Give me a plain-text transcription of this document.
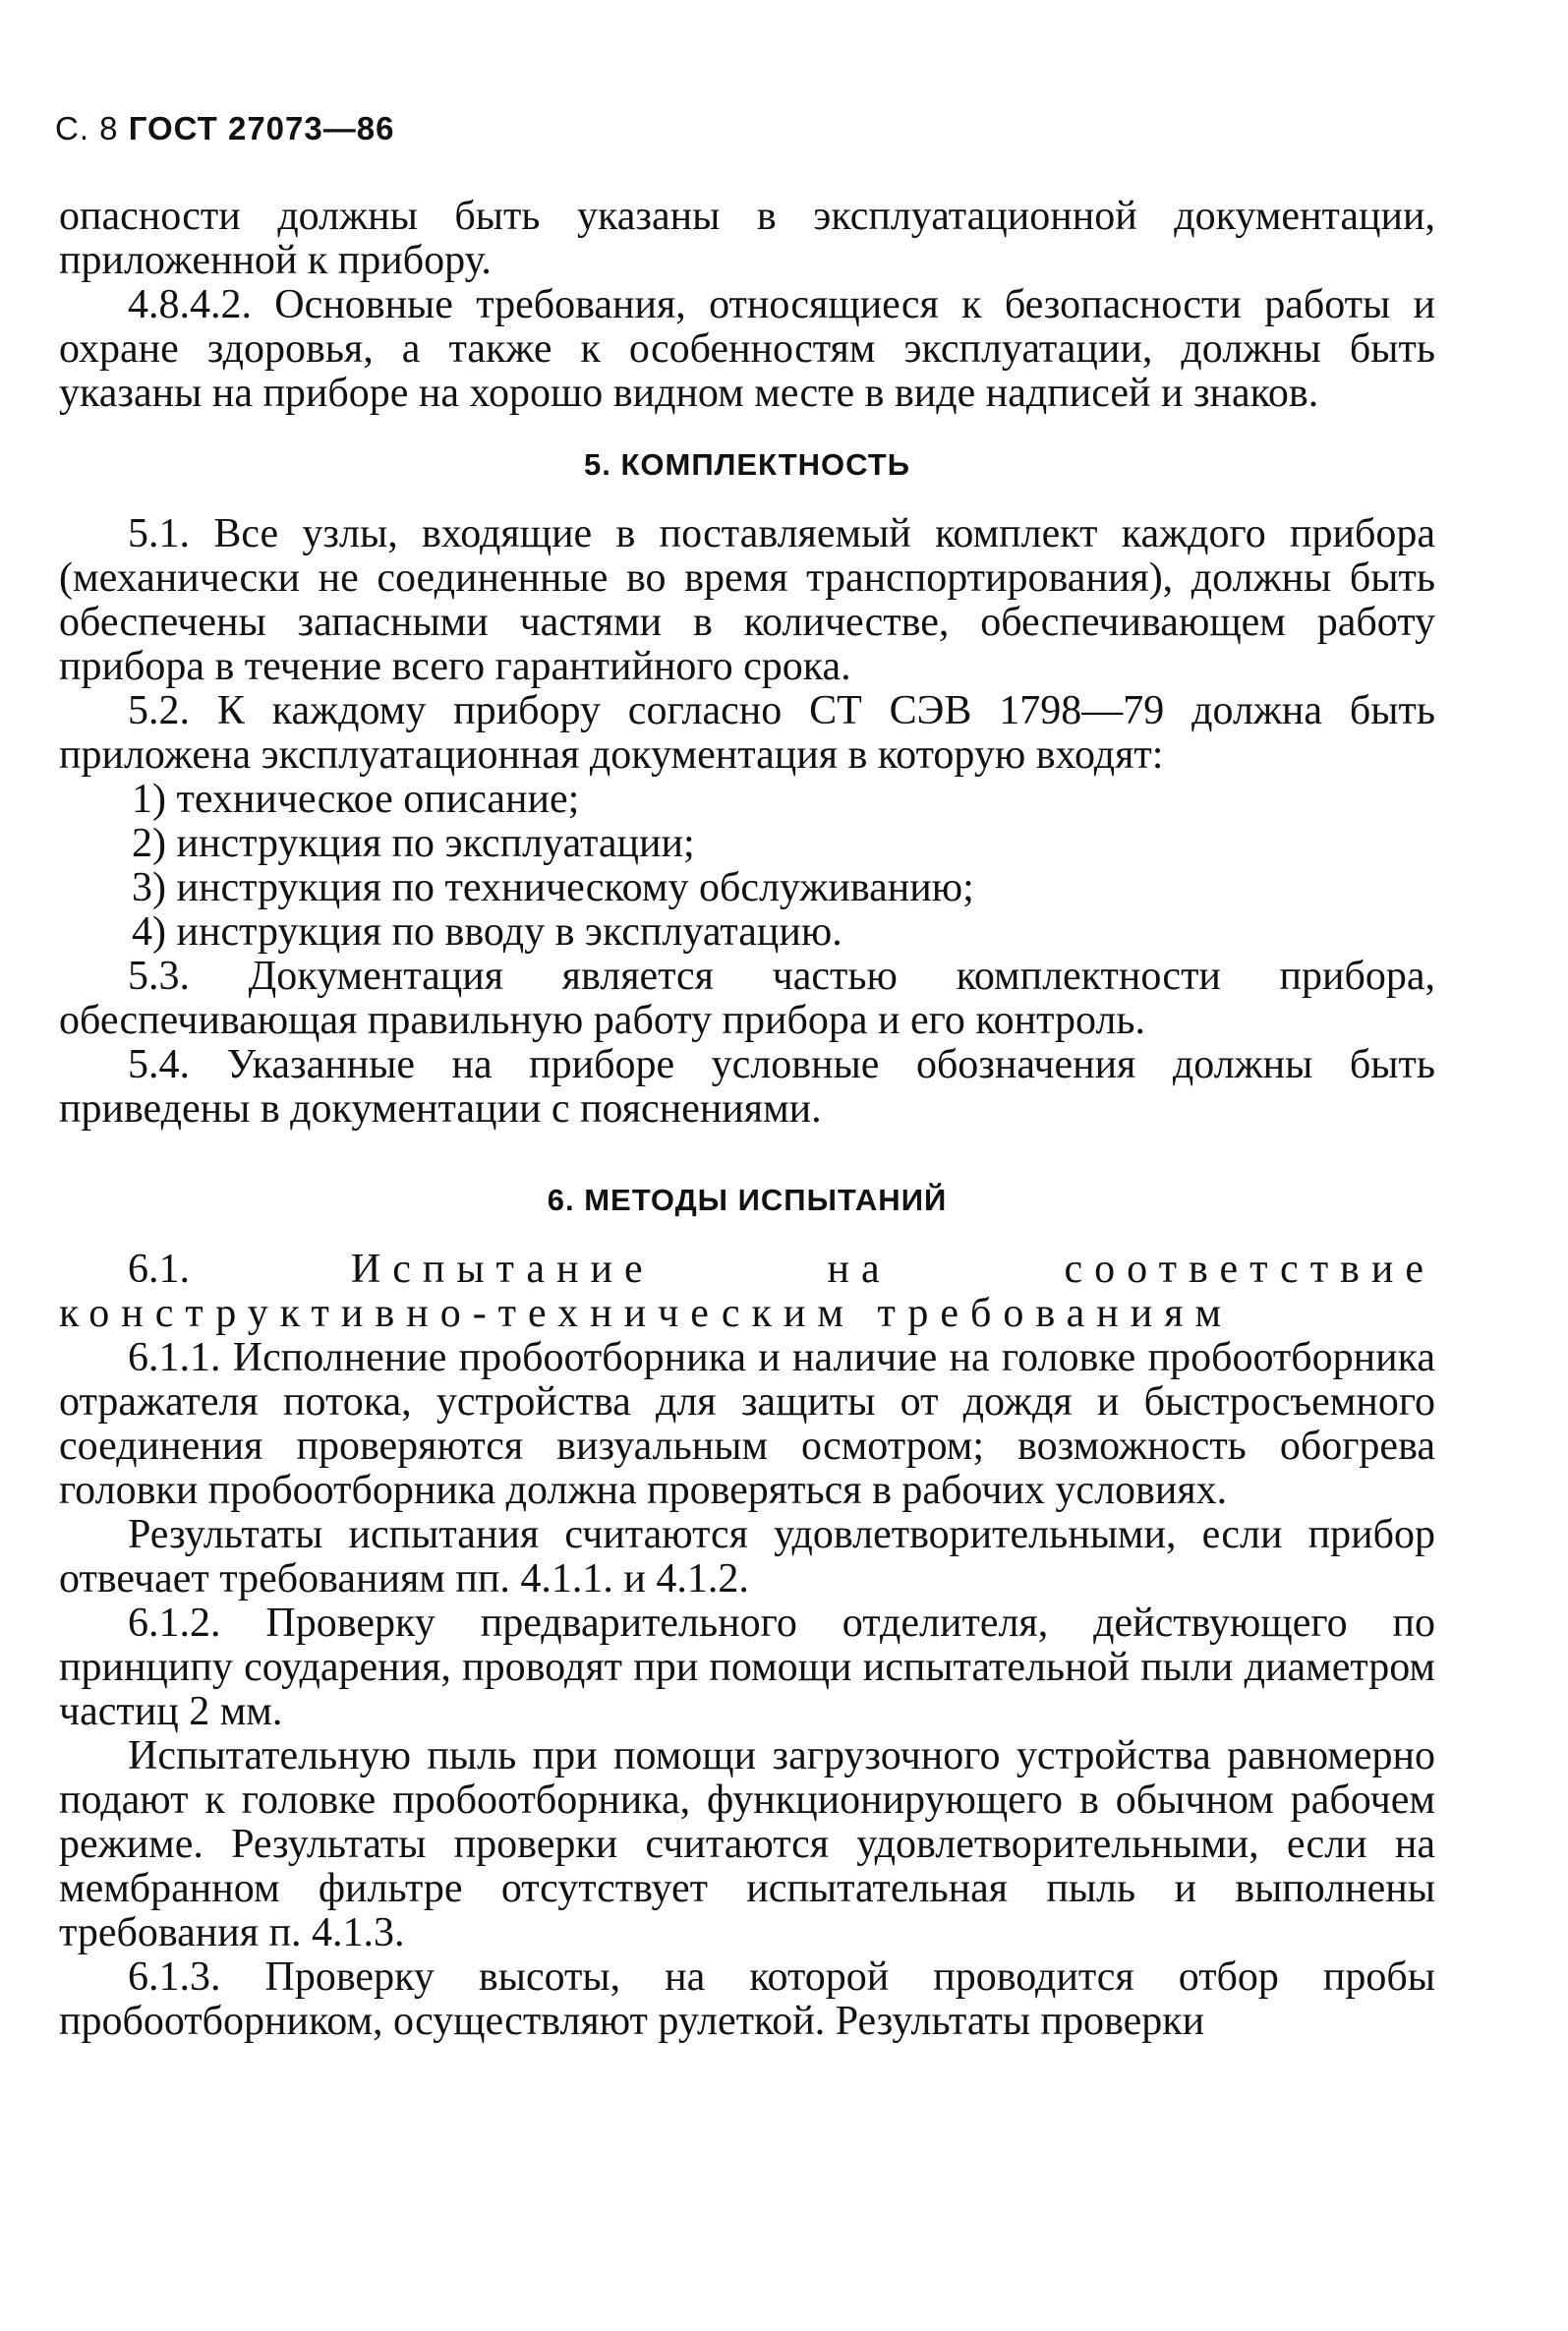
С. 8 ГОСТ 27073—86

опасности должны быть указаны в эксплуатационной документации, приложенной к прибору.

4.8.4.2. Основные требования, относящиеся к безопасности работы и охране здоровья, а также к особенностям эксплуатации, должны быть указаны на приборе на хорошо видном месте в виде надписей и знаков.

5. КОМПЛЕКТНОСТЬ

5.1. Все узлы, входящие в поставляемый комплект каждого прибора (механически не соединенные во время транспортирования), должны быть обеспечены запасными частями в количестве, обеспечивающем работу прибора в течение всего гарантийного срока.

5.2. К каждому прибору согласно СТ СЭВ 1798—79 должна быть приложена эксплуатационная документация в которую входят:

1) техническое описание;

2) инструкция по эксплуатации;

3) инструкция по техническому обслуживанию;

4) инструкция по вводу в эксплуатацию.

5.3. Документация является частью комплектности прибора, обеспечивающая правильную работу прибора и его контроль.

5.4. Указанные на приборе условные обозначения должны быть приведены в документации с пояснениями.

6. МЕТОДЫ ИСПЫТАНИЙ

6.1.	Испытание на соответствие конструктивно-техническим требованиям

6.1.1. Исполнение пробоотборника и наличие на головке пробоотборника отражателя потока, устройства для защиты от дождя и быстросъемного соединения проверяются визуальным осмотром; возможность обогрева головки пробоотборника должна проверяться в рабочих условиях.

Результаты испытания считаются удовлетворительными, если прибор отвечает требованиям пп. 4.1.1. и 4.1.2.

6.1.2. Проверку предварительного отделителя, действующего по принципу соударения, проводят при помощи испытательной пыли диаметром частиц 2 мм.

Испытательную пыль при помощи загрузочного устройства равномерно подают к головке пробоотборника, функционирующего в обычном рабочем режиме. Результаты проверки считаются удовлетворительными, если на мембранном фильтре отсутствует испытательная пыль и выполнены требования п. 4.1.3.

6.1.3. Проверку высоты, на которой проводится отбор пробы пробоотборником, осуществляют рулеткой. Результаты проверки
